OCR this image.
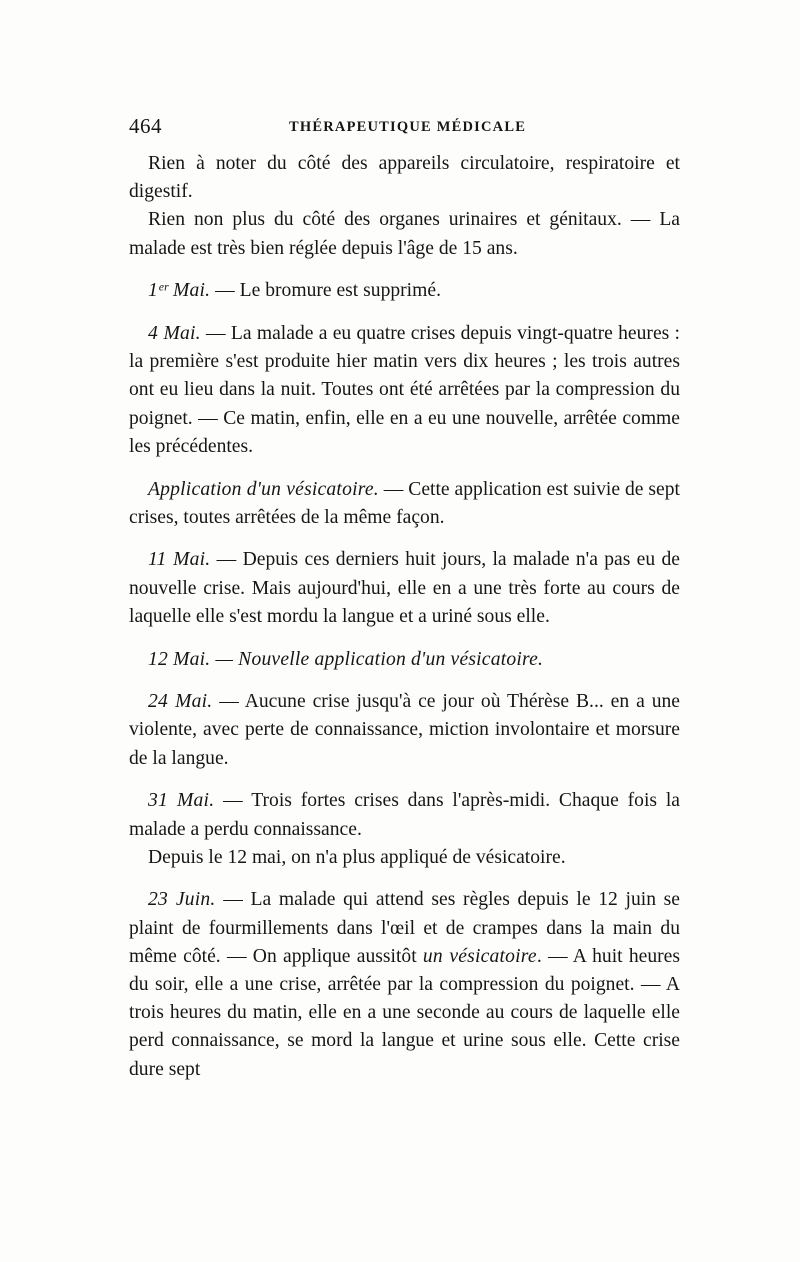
464	THÉRAPEUTIQUE MÉDICALE

Rien à noter du côté des appareils circulatoire, respiratoire et digestif.

Rien non plus du côté des organes urinaires et génitaux. — La malade est très bien réglée depuis l'âge de 15 ans.

1ᵉʳ Mai. — Le bromure est supprimé.

4 Mai. — La malade a eu quatre crises depuis vingt-quatre heures : la première s'est produite hier matin vers dix heures ; les trois autres ont eu lieu dans la nuit. Toutes ont été arrêtées par la compression du poignet. — Ce matin, enfin, elle en a eu une nouvelle, arrêtée comme les précédentes.

Application d'un vésicatoire. — Cette application est suivie de sept crises, toutes arrêtées de la même façon.

11 Mai. — Depuis ces derniers huit jours, la malade n'a pas eu de nouvelle crise. Mais aujourd'hui, elle en a une très forte au cours de laquelle elle s'est mordu la langue et a uriné sous elle.

12 Mai. — Nouvelle application d'un vésicatoire.

24 Mai. — Aucune crise jusqu'à ce jour où Thérèse B... en a une violente, avec perte de connaissance, miction involontaire et morsure de la langue.

31 Mai. — Trois fortes crises dans l'après-midi. Chaque fois la malade a perdu connaissance.

Depuis le 12 mai, on n'a plus appliqué de vésicatoire.

23 Juin. — La malade qui attend ses règles depuis le 12 juin se plaint de fourmillements dans l'œil et de crampes dans la main du même côté. — On applique aussitôt un vésicatoire. — A huit heures du soir, elle a une crise, arrêtée par la compression du poignet. — A trois heures du matin, elle en a une seconde au cours de laquelle elle perd connaissance, se mord la langue et urine sous elle. Cette crise dure sept
